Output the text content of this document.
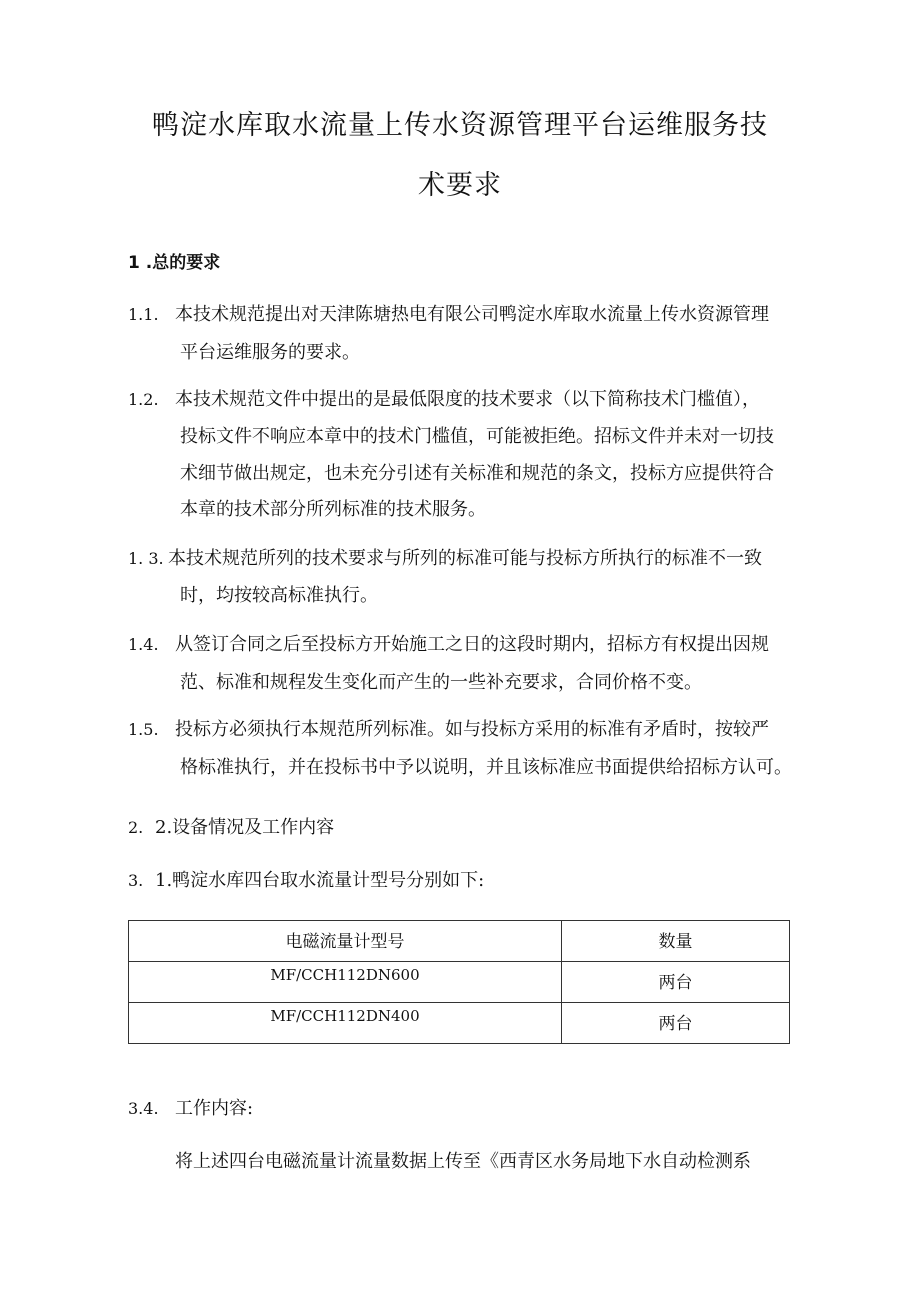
鸭淀水库取水流量上传水资源管理平台运维服务技
术要求
1 .总的要求
1.1. 本技术规范提出对天津陈塘热电有限公司鸭淀水库取水流量上传水资源管理
平台运维服务的要求。
1.2. 本技术规范文件中提出的是最低限度的技术要求（以下简称技术门槛值），
投标文件不响应本章中的技术门槛值，可能被拒绝。招标文件并未对一切技
术细节做出规定，也未充分引述有关标准和规范的条文，投标方应提供符合
本章的技术部分所列标准的技术服务。
1. 3. 本技术规范所列的技术要求与所列的标准可能与投标方所执行的标准不一致
时，均按较高标准执行。
1.4. 从签订合同之后至投标方开始施工之日的这段时期内，招标方有权提出因规
范、标准和规程发生变化而产生的一些补充要求，合同价格不变。
1.5. 投标方必须执行本规范所列标准。如与投标方采用的标准有矛盾时，按较严
格标准执行，并在投标书中予以说明，并且该标准应书面提供给招标方认可。
2. 2.设备情况及工作内容
3. 1.鸭淀水库四台取水流量计型号分别如下:
电磁流量计型号	数量

MF/CCH112DN600	两台

MF/CCH112DN400	两台
3.4. 工作内容:
将上述四台电磁流量计流量数据上传至《西青区水务局地下水自动检测系
